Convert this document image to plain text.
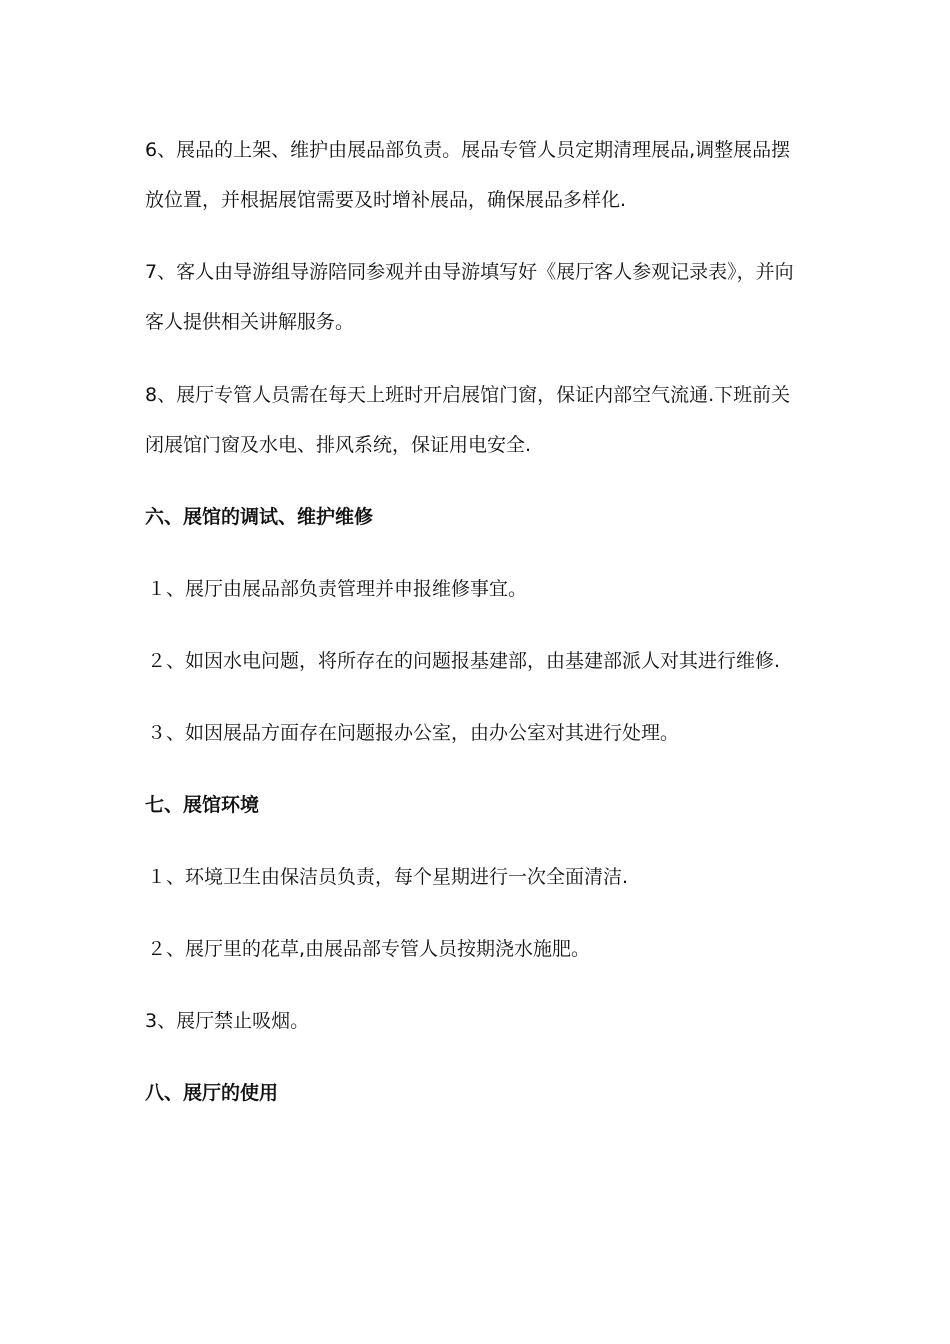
6、展品的上架、维护由展品部负责。展品专管人员定期清理展品,调整展品摆
放位置，并根据展馆需要及时增补展品，确保展品多样化.
7、客人由导游组导游陪同参观并由导游填写好《展厅客人参观记录表》，并向
客人提供相关讲解服务。
8、展厅专管人员需在每天上班时开启展馆门窗，保证内部空气流通.下班前关
闭展馆门窗及水电、排风系统，保证用电安全.
六、展馆的调试、维护维修
１、展厅由展品部负责管理并申报维修事宜。
２、如因水电问题，将所存在的问题报基建部，由基建部派人对其进行维修.
３、如因展品方面存在问题报办公室，由办公室对其进行处理。
七、展馆环境
１、环境卫生由保洁员负责，每个星期进行一次全面清洁.
２、展厅里的花草,由展品部专管人员按期浇水施肥。
3、展厅禁止吸烟。
八、展厅的使用
